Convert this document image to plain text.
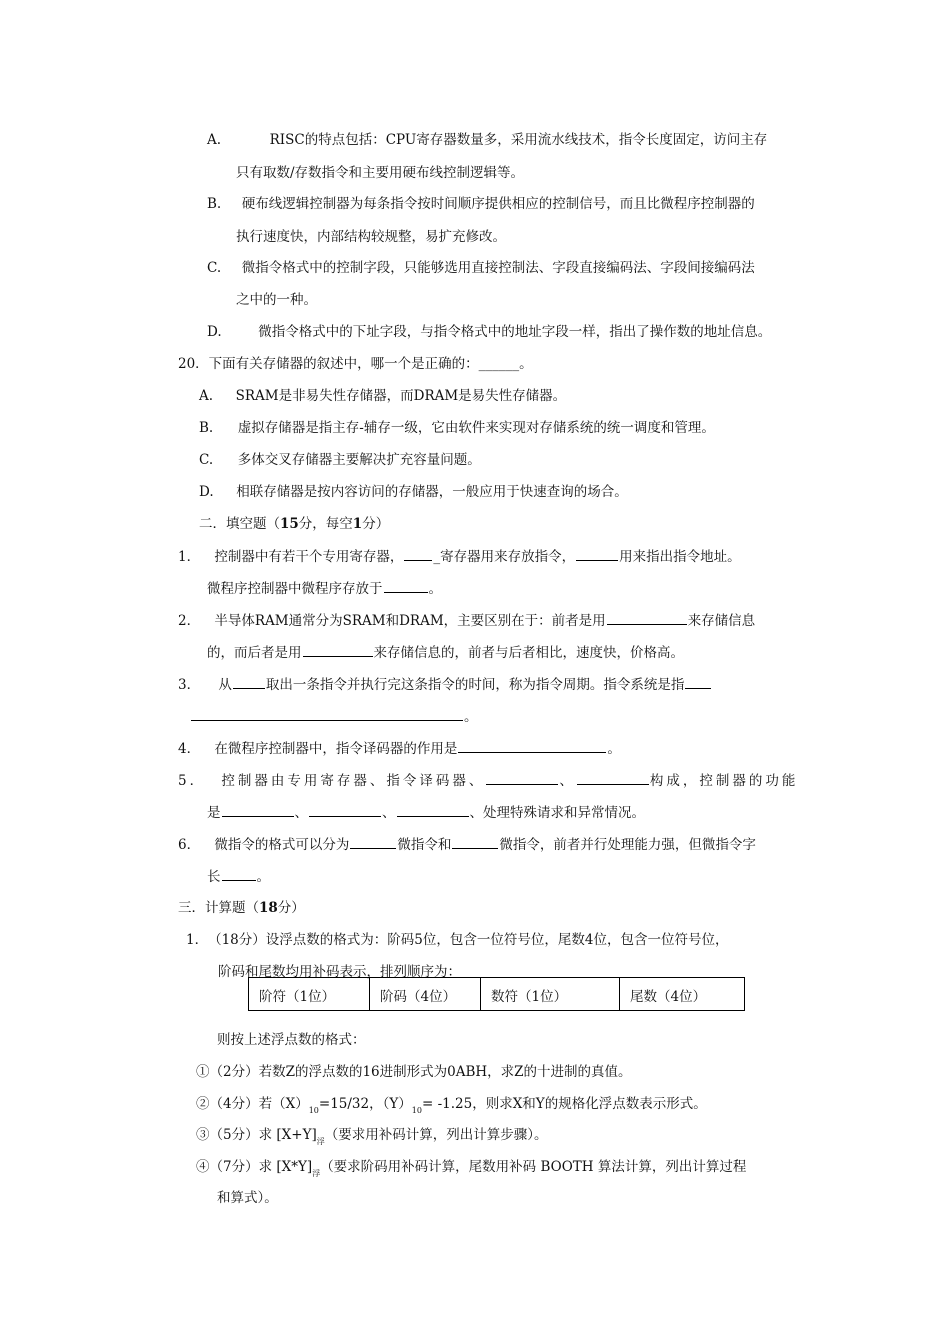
A.	RISC的特点包括：CPU寄存器数量多，采用流水线技术，指令长度固定，访问主存
只有取数/存数指令和主要用硬布线控制逻辑等。
B. 硬布线逻辑控制器为每条指令按时间顺序提供相应的控制信号，而且比微程序控制器的
执行速度快，内部结构较规整，易扩充修改。
C. 微指令格式中的控制字段，只能够选用直接控制法、字段直接编码法、字段间接编码法
之中的一种。
D.	微指令格式中的下址字段，与指令格式中的地址字段一样，指出了操作数的地址信息。
20．下面有关存储器的叙述中，哪一个是正确的：______。
A. SRAM是非易失性存储器，而DRAM是易失性存储器。
B. 虚拟存储器是指主存-辅存一级，它由软件来实现对存储系统的统一调度和管理。
C. 多体交叉存储器主要解决扩充容量问题。
D. 相联存储器是按内容访问的存储器，一般应用于快速查询的场合。
二．填空题（15分，每空1分）
1． 控制器中有若干个专用寄存器， _寄存器用来存放指令，	用来指出指令地址。
微程序控制器中微程序存放于	。
2． 半导体RAM通常分为SRAM和DRAM，主要区别在于：前者是用	来存储信息
的，而后者是用	来存储信息的，前者与后者相比，速度快，价格高。
3． 从	取出一条指令并执行完这条指令的时间，称为指令周期。指令系统是指
。
4． 在微程序控制器中，指令译码器的作用是	。
5． 控制器由专用寄存器、指令译码器、	、	构成，控制器的功能
是	、	、	、处理特殊请求和异常情况。
6． 微指令的格式可以分为	微指令和	微指令，前者并行处理能力强，但微指令字
长	。
三．计算题（18分）
1．　（18分）设浮点数的格式为：阶码5位，包含一位符号位，尾数4位，包含一位符号位，
阶码和尾数均用补码表示，排列顺序为：
阶符（1位）	阶码（4位）	数符（1位）	尾数（4位）
则按上述浮点数的格式：
①（2分）若数Z的浮点数的16进制形式为0ABH，求Z的十进制的真值。
②（4分）若$(X)_{10}=15/32$，$(Y)_{10}= -1.25$，则求X和Y的规格化浮点数表示形式。
③（5分）求 $[X+Y]_浮$（要求用补码计算，列出计算步骤）。
④（7分）求 $[X*Y]_浮$（要求阶码用补码计算，尾数用补码 BOOTH 算法计算，列出计算过程
和算式）。
